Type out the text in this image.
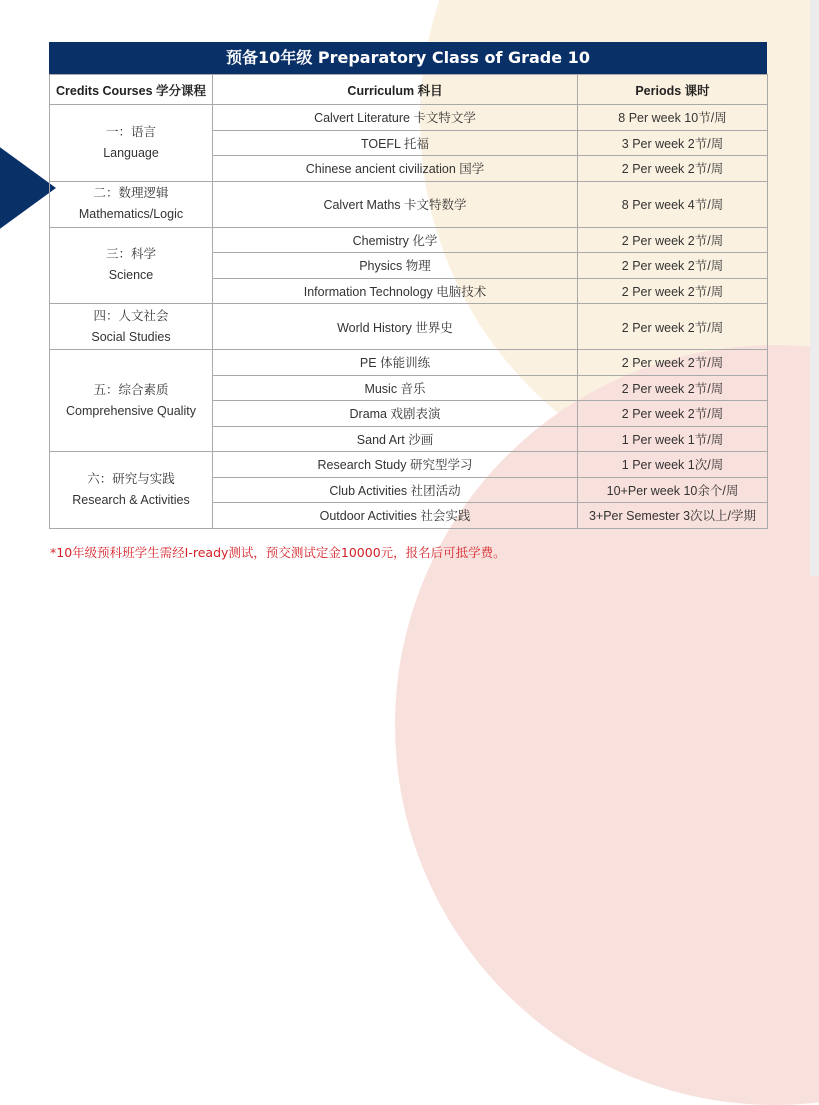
预备10年级 Preparatory Class of Grade 10
Credits Courses 学分课程	Curriculum 科目	Periods 课时

一：语言
Language	Calvert Literature 卡文特文学	8 Per week 10节/周
	TOEFL 托福	3 Per week 2节/周
	Chinese ancient civilization 国学	2 Per week 2节/周

二：数理逻辑
Mathematics/Logic	Calvert Maths 卡文特数学	8 Per week 4节/周

三：科学
Science	Chemistry 化学	2 Per week 2节/周
	Physics 物理	2 Per week 2节/周
	Information Technology 电脑技术	2 Per week 2节/周

四：人文社会
Social Studies	World History 世界史	2 Per week 2节/周

五：综合素质
Comprehensive Quality	PE 体能训练	2 Per week 2节/周
	Music 音乐	2 Per week 2节/周
	Drama 戏剧表演	2 Per week 2节/周
	Sand Art 沙画	1 Per week 1节/周

六：研究与实践
Research & Activities	Research Study 研究型学习	1 Per week 1次/周
	Club Activities 社团活动	10+Per week 10余个/周
	Outdoor Activities 社会实践	3+Per Semester 3次以上/学期
*10年级预科班学生需经I-ready测试，预交测试定金10000元，报名后可抵学费。
